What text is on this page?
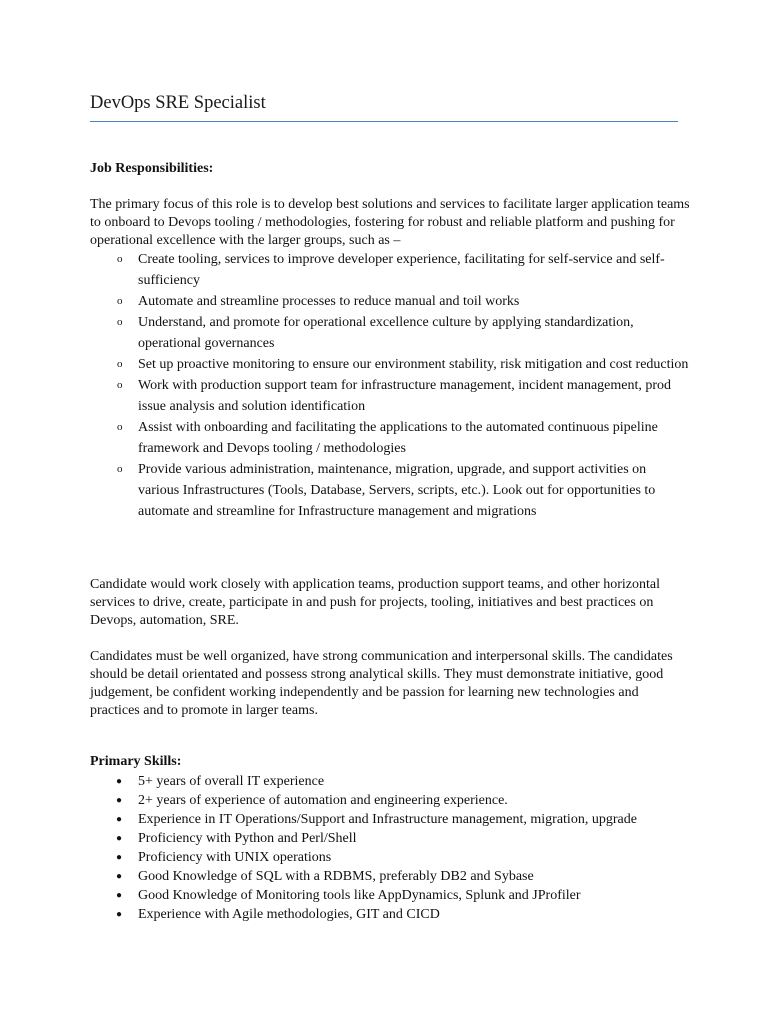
DevOps SRE Specialist
Job Responsibilities:

The primary focus of this role is to develop best solutions and services to facilitate larger application teams to onboard to Devops tooling / methodologies, fostering for robust and reliable platform and pushing for operational excellence with the larger groups, such as –

o Create tooling, services to improve developer experience, facilitating for self-service and self-sufficiency
o Automate and streamline processes to reduce manual and toil works
o Understand, and promote for operational excellence culture by applying standardization, operational governances
o Set up proactive monitoring to ensure our environment stability, risk mitigation and cost reduction
o Work with production support team for infrastructure management, incident management, prod issue analysis and solution identification
o Assist with onboarding and facilitating the applications to the automated continuous pipeline framework and Devops tooling / methodologies
o Provide various administration, maintenance, migration, upgrade, and support activities on various Infrastructures (Tools, Database, Servers, scripts, etc.). Look out for opportunities to automate and streamline for Infrastructure management and migrations

Candidate would work closely with application teams, production support teams, and other horizontal services to drive, create, participate in and push for projects, tooling, initiatives and best practices on Devops, automation, SRE.

Candidates must be well organized, have strong communication and interpersonal skills. The candidates should be detail orientated and possess strong analytical skills. They must demonstrate initiative, good judgement, be confident working independently and be passion for learning new technologies and practices and to promote in larger teams.

Primary Skills:
● 5+ years of overall IT experience
● 2+ years of experience of automation and engineering experience.
● Experience in IT Operations/Support and Infrastructure management, migration, upgrade
● Proficiency with Python and Perl/Shell
● Proficiency with UNIX operations
● Good Knowledge of SQL with a RDBMS, preferably DB2 and Sybase
● Good Knowledge of Monitoring tools like AppDynamics, Splunk and JProfiler
● Experience with Agile methodologies, GIT and CICD
